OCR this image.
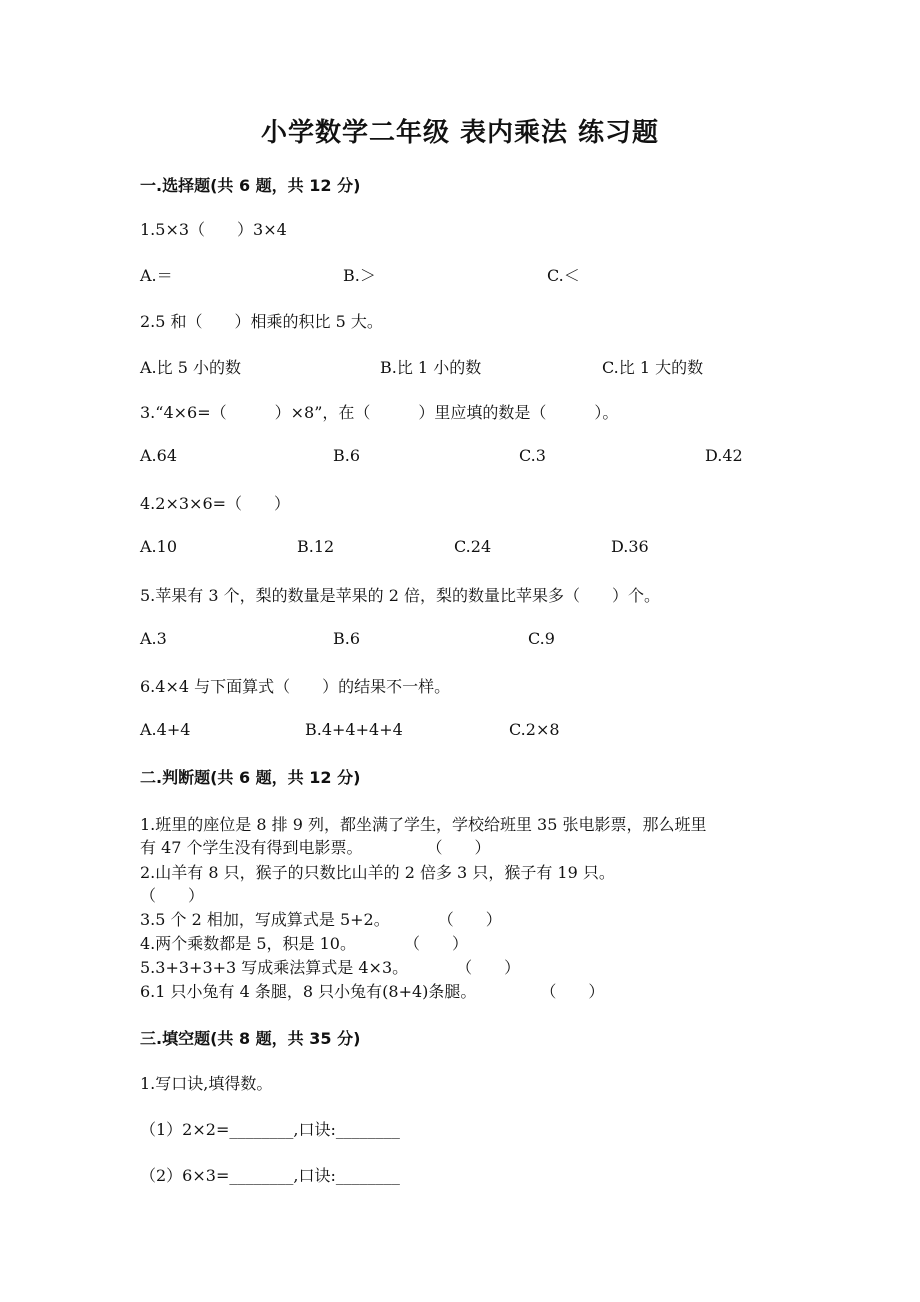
小学数学二年级 表内乘法 练习题
一.选择题(共 6 题，共 12 分)
1.5×3（　　）3×4
A.＝	B.＞	C.＜
2.5 和（　　）相乘的积比 5 大。
A.比 5 小的数	B.比 1 小的数	C.比 1 大的数
3.“4×6=（　　　）×8”，在（　　　）里应填的数是（　　　）。
A.64	B.6	C.3	D.42
4.2×3×6=（　　）
A.10	B.12	C.24	D.36
5.苹果有 3 个，梨的数量是苹果的 2 倍，梨的数量比苹果多（　　）个。
A.3	B.6	C.9
6.4×4 与下面算式（　　）的结果不一样。
A.4+4	B.4+4+4+4	C.2×8
二.判断题(共 6 题，共 12 分)
1.班里的座位是 8 排 9 列，都坐满了学生，学校给班里 35 张电影票，那么班里
有 47 个学生没有得到电影票。　　　　　（　　）
2.山羊有 8 只，猴子的只数比山羊的 2 倍多 3 只，猴子有 19 只。
（　　）
3.5 个 2 相加，写成算式是 5+2。　　　　（　　）
4.两个乘数都是 5，积是 10。　　　　（　　）
5.3+3+3+3 写成乘法算式是 4×3。　　　　（　　）
6.1 只小兔有 4 条腿，8 只小兔有(8+4)条腿。　　　　　（　　）
三.填空题(共 8 题，共 35 分)
1.写口诀,填得数。
（1）2×2=________,口诀:________
（2）6×3=________,口诀:________
